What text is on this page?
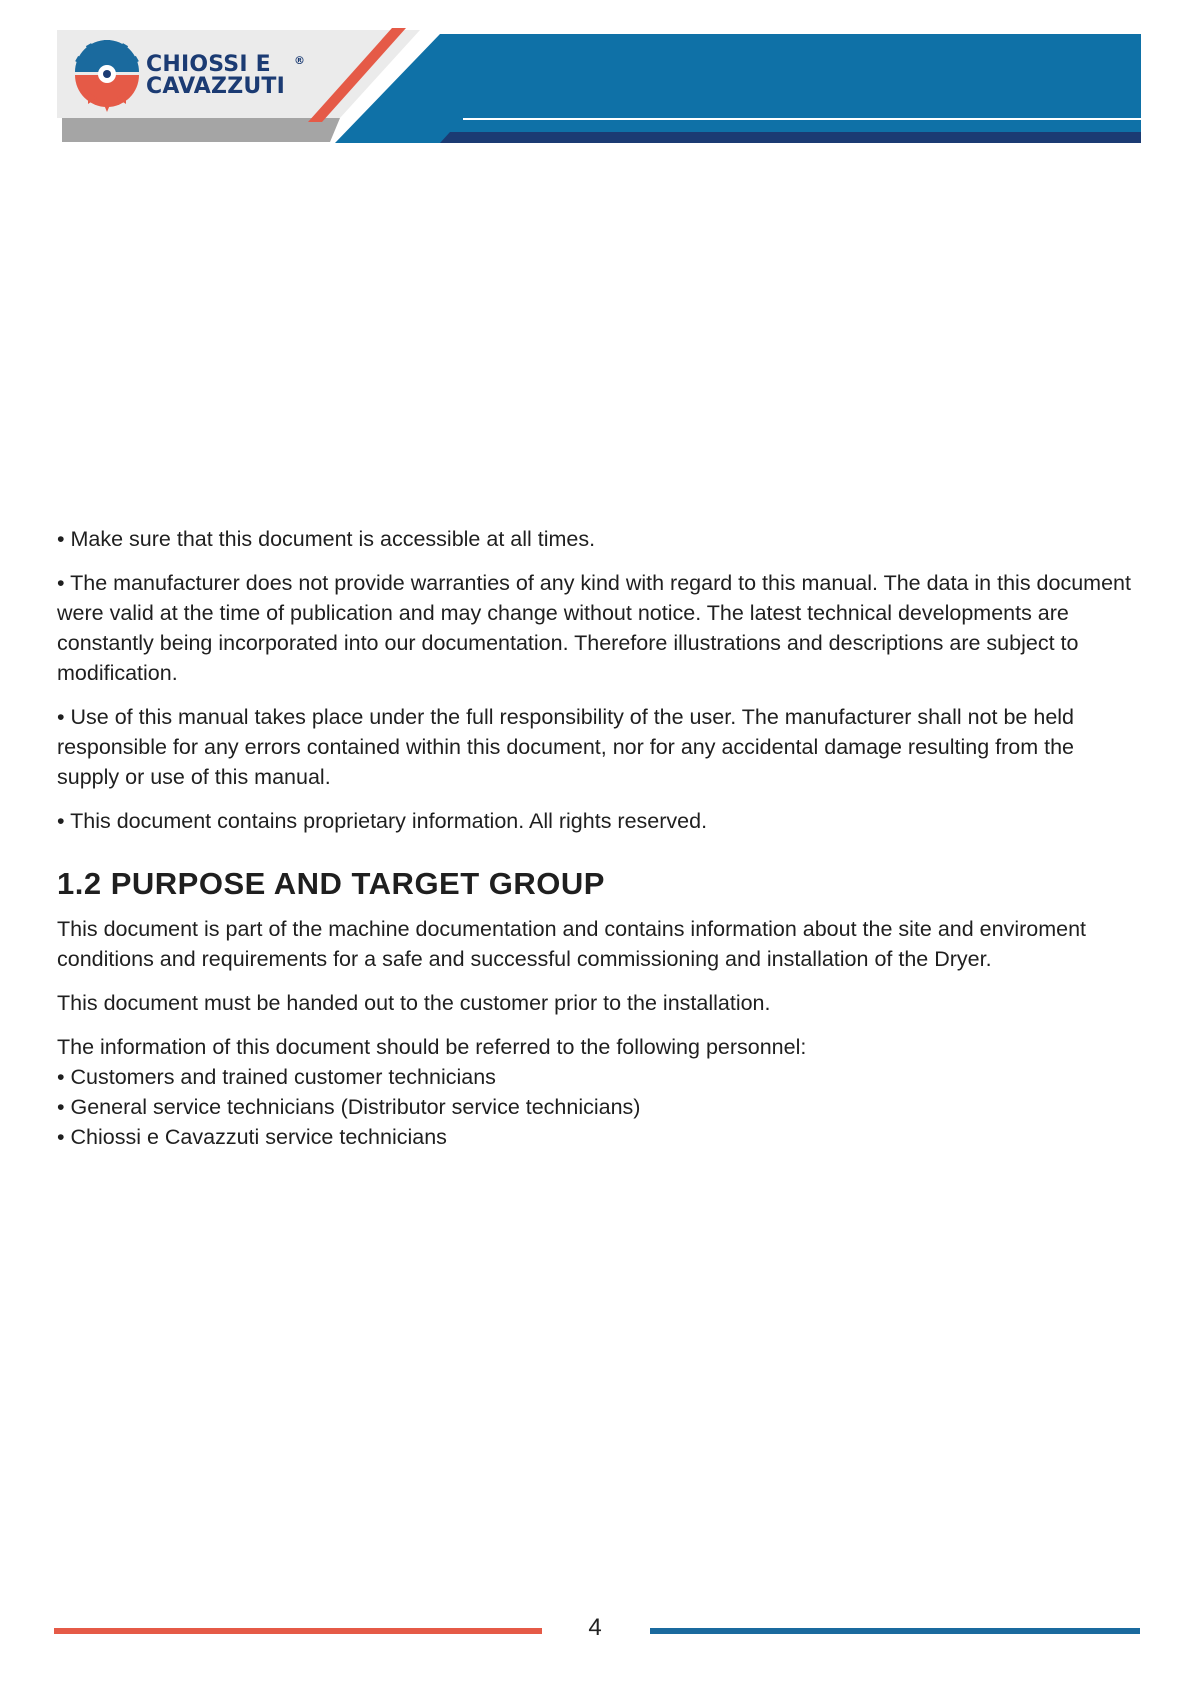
CHIOSSI E
CAVAZZUTI
®

• Make sure that this document is accessible at all times.

• The manufacturer does not provide warranties of any kind with regard to this manual. The data in this document were valid at the time of publication and may change without notice. The latest technical developments are constantly being incorporated into our documentation. Therefore illustrations and descriptions are subject to modification.

• Use of this manual takes place under the full responsibility of the user. The manufacturer shall not be held responsible for any errors contained within this document, nor for any accidental damage resulting from the supply or use of this manual.

• This document contains proprietary information. All rights reserved.

1.2 PURPOSE AND TARGET GROUP

This document is part of the machine documentation and contains information about the site and enviroment conditions and requirements for a safe and successful commissioning and installation of the Dryer.

This document must be handed out to the customer prior to the installation.

The information of this document should be referred to the following personnel:
• Customers and trained customer technicians
• General service technicians (Distributor service technicians)
• Chiossi e Cavazzuti service technicians
4
